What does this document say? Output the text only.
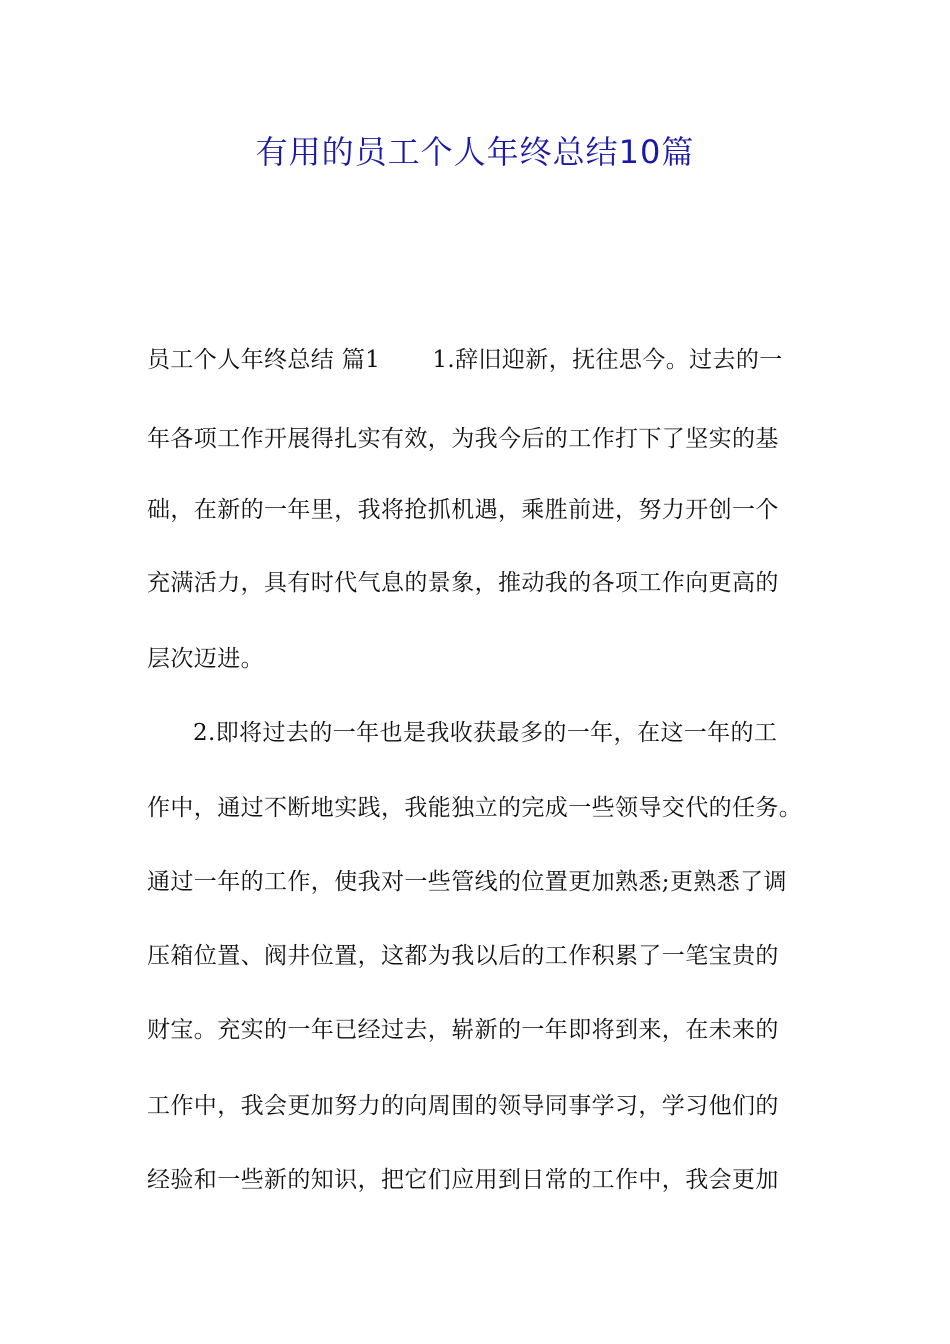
有用的员工个人年终总结10篇
员工个人年终总结 篇1 1.辞旧迎新，抚往思今。过去的一
年各项工作开展得扎实有效，为我今后的工作打下了坚实的基
础，在新的一年里，我将抢抓机遇，乘胜前进，努力开创一个
充满活力，具有时代气息的景象，推动我的各项工作向更高的
层次迈进。
2.即将过去的一年也是我收获最多的一年，在这一年的工
作中，通过不断地实践，我能独立的完成一些领导交代的任务。
通过一年的工作，使我对一些管线的位置更加熟悉;更熟悉了调
压箱位置、阀井位置，这都为我以后的工作积累了一笔宝贵的
财宝。充实的一年已经过去，崭新的一年即将到来，在未来的
工作中，我会更加努力的向周围的领导同事学习，学习他们的
经验和一些新的知识，把它们应用到日常的工作中，我会更加
